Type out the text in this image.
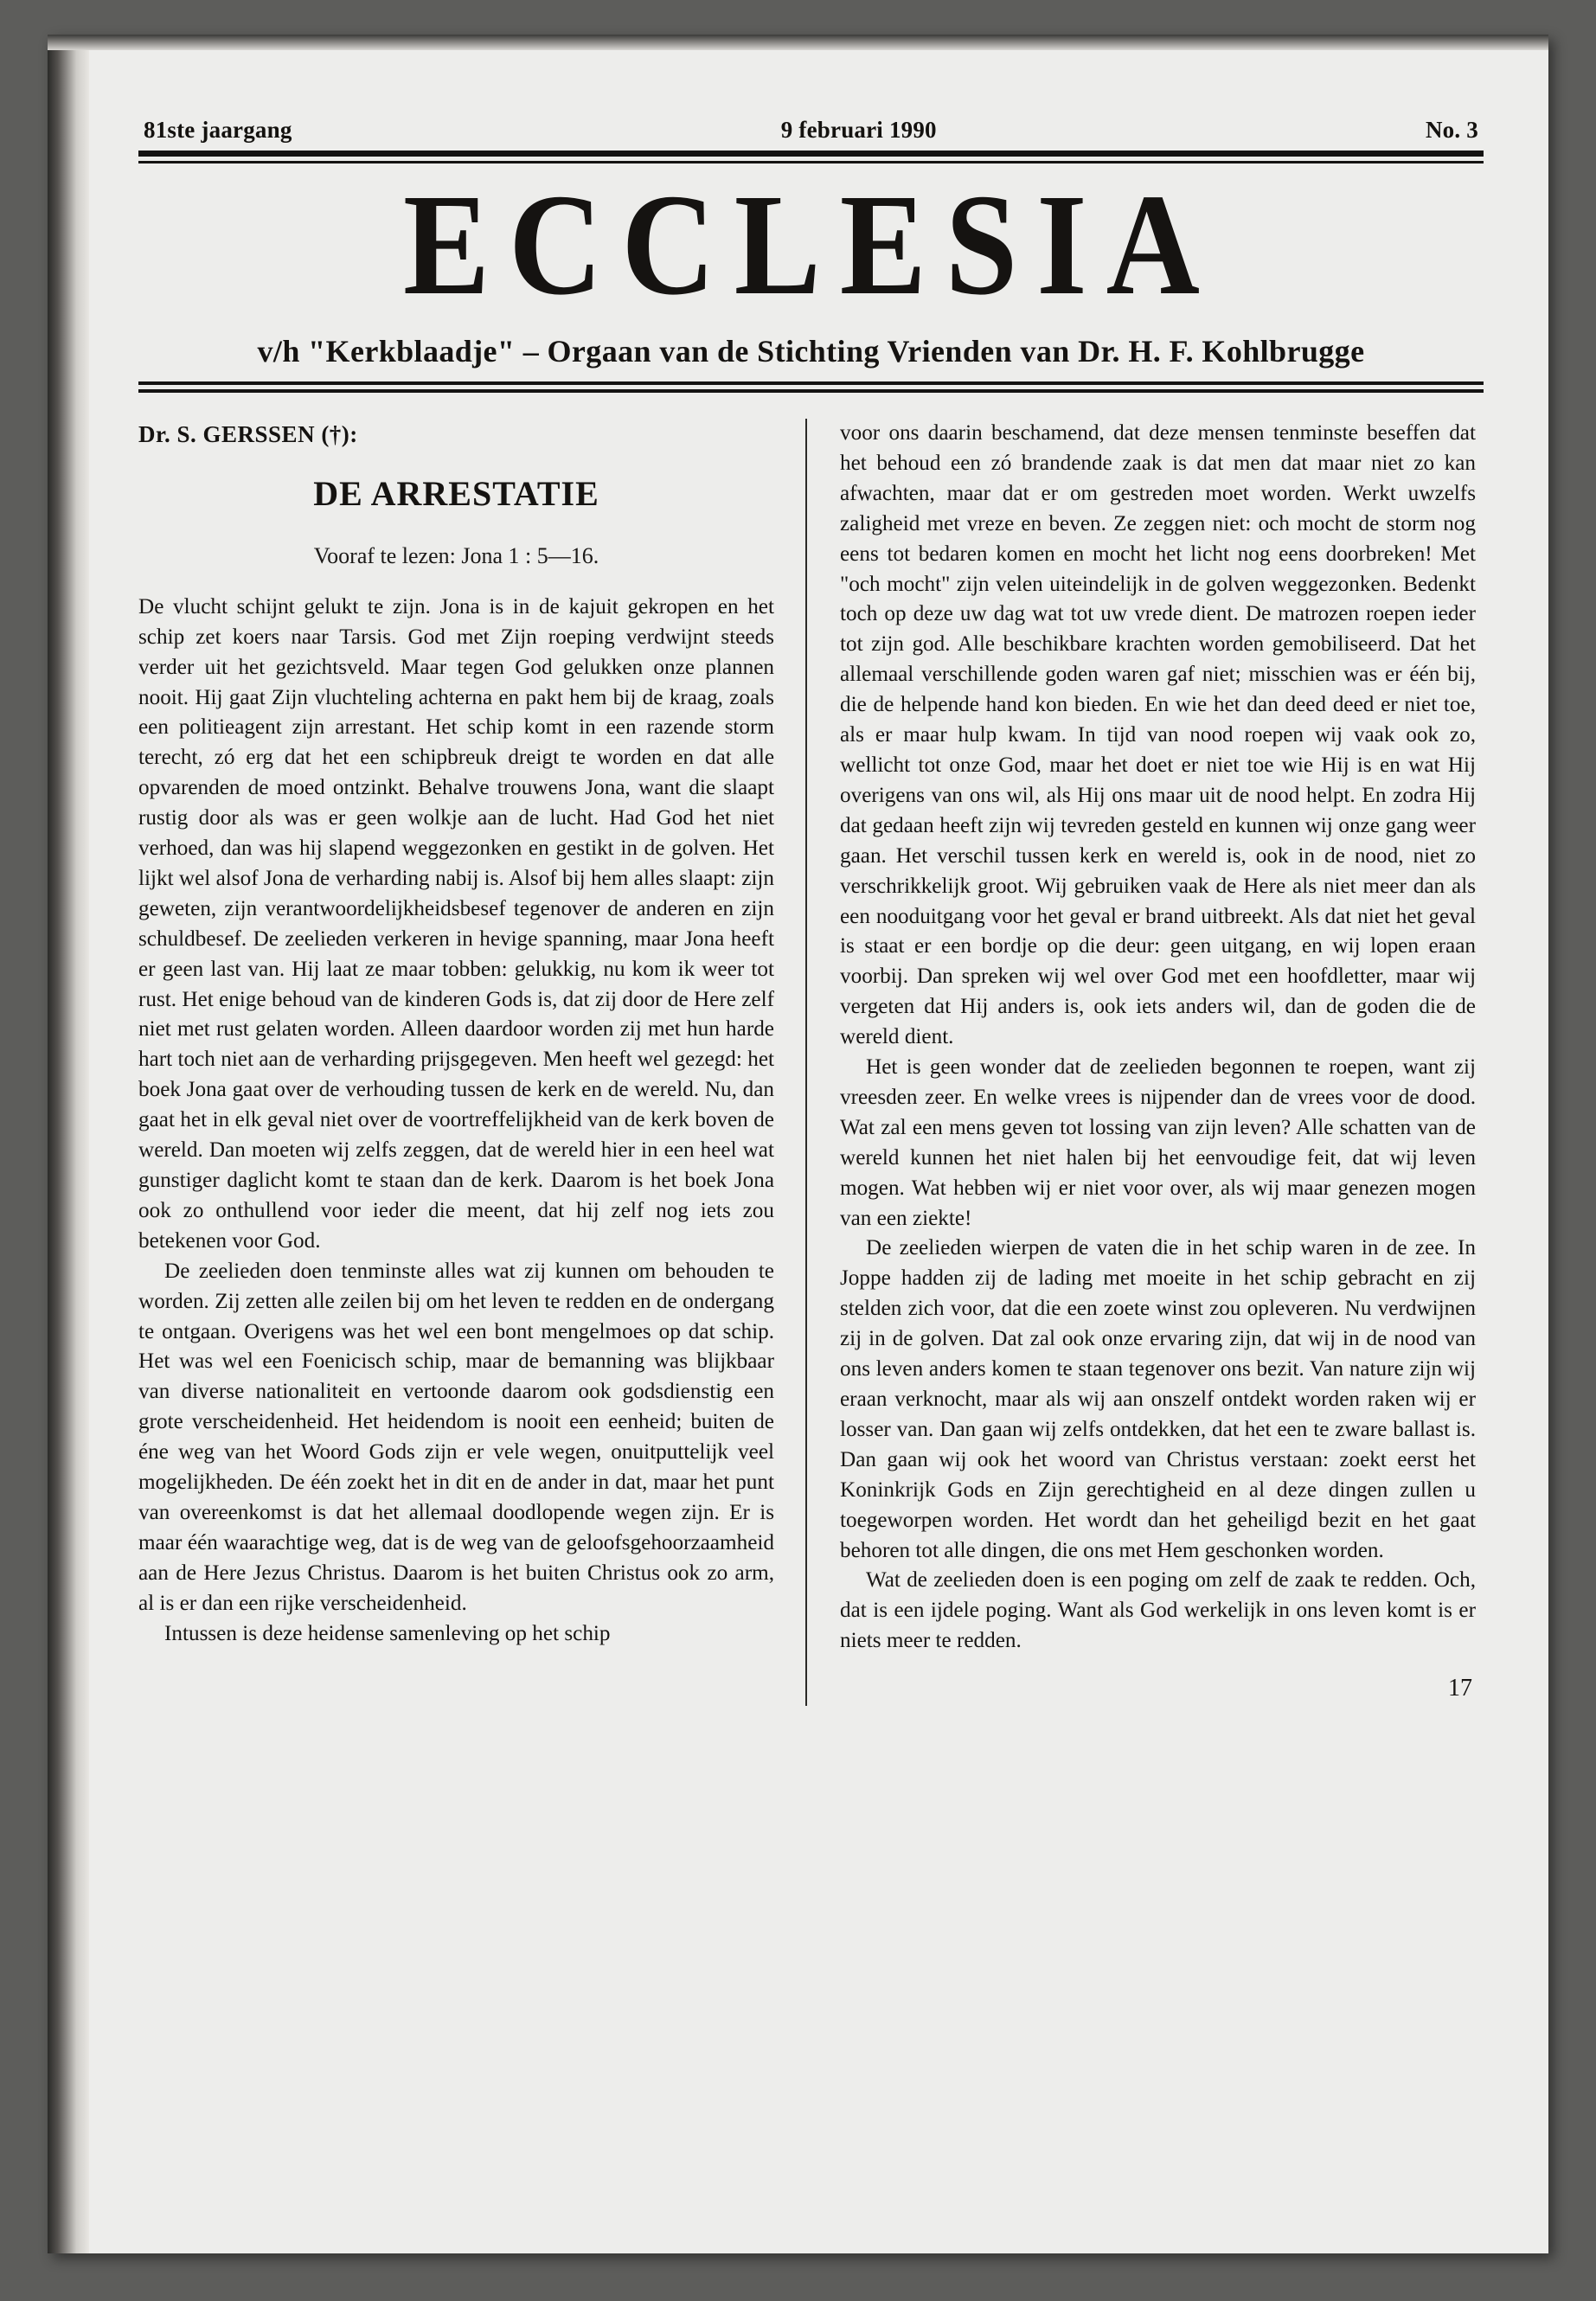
81ste jaargang	9 februari 1990	No. 3
ECCLESIA
v/h "Kerkblaadje" – Orgaan van de Stichting Vrienden van Dr. H. F. Kohlbrugge
Dr. S. GERSSEN (†):
DE ARRESTATIE
Vooraf te lezen: Jona 1 : 5—16.

De vlucht schijnt gelukt te zijn. Jona is in de kajuit gekropen en het schip zet koers naar Tarsis. God met Zijn roeping verdwijnt steeds verder uit het gezichtsveld. Maar tegen God gelukken onze plannen nooit. Hij gaat Zijn vluchteling achterna en pakt hem bij de kraag, zoals een politieagent zijn arrestant. Het schip komt in een razende storm terecht, zó erg dat het een schipbreuk dreigt te worden en dat alle opvarenden de moed ontzinkt. Behalve trouwens Jona, want die slaapt rustig door als was er geen wolkje aan de lucht. Had God het niet verhoed, dan was hij slapend weggezonken en gestikt in de golven. Het lijkt wel alsof Jona de verharding nabij is. Alsof bij hem alles slaapt: zijn geweten, zijn verantwoordelijkheidsbesef tegenover de anderen en zijn schuldbesef. De zeelieden verkeren in hevige spanning, maar Jona heeft er geen last van. Hij laat ze maar tobben: gelukkig, nu kom ik weer tot rust. Het enige behoud van de kinderen Gods is, dat zij door de Here zelf niet met rust gelaten worden. Alleen daardoor worden zij met hun harde hart toch niet aan de verharding prijsgegeven. Men heeft wel gezegd: het boek Jona gaat over de verhouding tussen de kerk en de wereld. Nu, dan gaat het in elk geval niet over de voortreffelijkheid van de kerk boven de wereld. Dan moeten wij zelfs zeggen, dat de wereld hier in een heel wat gunstiger daglicht komt te staan dan de kerk. Daarom is het boek Jona ook zo onthullend voor ieder die meent, dat hij zelf nog iets zou betekenen voor God.

De zeelieden doen tenminste alles wat zij kunnen om behouden te worden. Zij zetten alle zeilen bij om het leven te redden en de ondergang te ontgaan. Overigens was het wel een bont mengelmoes op dat schip. Het was wel een Foenicisch schip, maar de bemanning was blijkbaar van diverse nationaliteit en vertoonde daarom ook godsdienstig een grote verscheidenheid. Het heidendom is nooit een eenheid; buiten de éne weg van het Woord Gods zijn er vele wegen, onuitputtelijk veel mogelijkheden. De één zoekt het in dit en de ander in dat, maar het punt van overeenkomst is dat het allemaal doodlopende wegen zijn. Er is maar één waarachtige weg, dat is de weg van de geloofsgehoorzaamheid aan de Here Jezus Christus. Daarom is het buiten Christus ook zo arm, al is er dan een rijke verscheidenheid.

Intussen is deze heidense samenleving op het schip

voor ons daarin beschamend, dat deze mensen tenminste beseffen dat het behoud een zó brandende zaak is dat men dat maar niet zo kan afwachten, maar dat er om gestreden moet worden. Werkt uwzelfs zaligheid met vreze en beven. Ze zeggen niet: och mocht de storm nog eens tot bedaren komen en mocht het licht nog eens doorbreken! Met "och mocht" zijn velen uiteindelijk in de golven weggezonken. Bedenkt toch op deze uw dag wat tot uw vrede dient. De matrozen roepen ieder tot zijn god. Alle beschikbare krachten worden gemobiliseerd. Dat het allemaal verschillende goden waren gaf niet; misschien was er één bij, die de helpende hand kon bieden. En wie het dan deed deed er niet toe, als er maar hulp kwam. In tijd van nood roepen wij vaak ook zo, wellicht tot onze God, maar het doet er niet toe wie Hij is en wat Hij overigens van ons wil, als Hij ons maar uit de nood helpt. En zodra Hij dat gedaan heeft zijn wij tevreden gesteld en kunnen wij onze gang weer gaan. Het verschil tussen kerk en wereld is, ook in de nood, niet zo verschrikkelijk groot. Wij gebruiken vaak de Here als niet meer dan als een nooduitgang voor het geval er brand uitbreekt. Als dat niet het geval is staat er een bordje op die deur: geen uitgang, en wij lopen eraan voorbij. Dan spreken wij wel over God met een hoofdletter, maar wij vergeten dat Hij anders is, ook iets anders wil, dan de goden die de wereld dient.

Het is geen wonder dat de zeelieden begonnen te roepen, want zij vreesden zeer. En welke vrees is nijpender dan de vrees voor de dood. Wat zal een mens geven tot lossing van zijn leven? Alle schatten van de wereld kunnen het niet halen bij het eenvoudige feit, dat wij leven mogen. Wat hebben wij er niet voor over, als wij maar genezen mogen van een ziekte!

De zeelieden wierpen de vaten die in het schip waren in de zee. In Joppe hadden zij de lading met moeite in het schip gebracht en zij stelden zich voor, dat die een zoete winst zou opleveren. Nu verdwijnen zij in de golven. Dat zal ook onze ervaring zijn, dat wij in de nood van ons leven anders komen te staan tegenover ons bezit. Van nature zijn wij eraan verknocht, maar als wij aan onszelf ontdekt worden raken wij er losser van. Dan gaan wij zelfs ontdekken, dat het een te zware ballast is. Dan gaan wij ook het woord van Christus verstaan: zoekt eerst het Koninkrijk Gods en Zijn gerechtigheid en al deze dingen zullen u toegeworpen worden. Het wordt dan het geheiligd bezit en het gaat behoren tot alle dingen, die ons met Hem geschonken worden.

Wat de zeelieden doen is een poging om zelf de zaak te redden. Och, dat is een ijdele poging. Want als God werkelijk in ons leven komt is er niets meer te redden.

17
